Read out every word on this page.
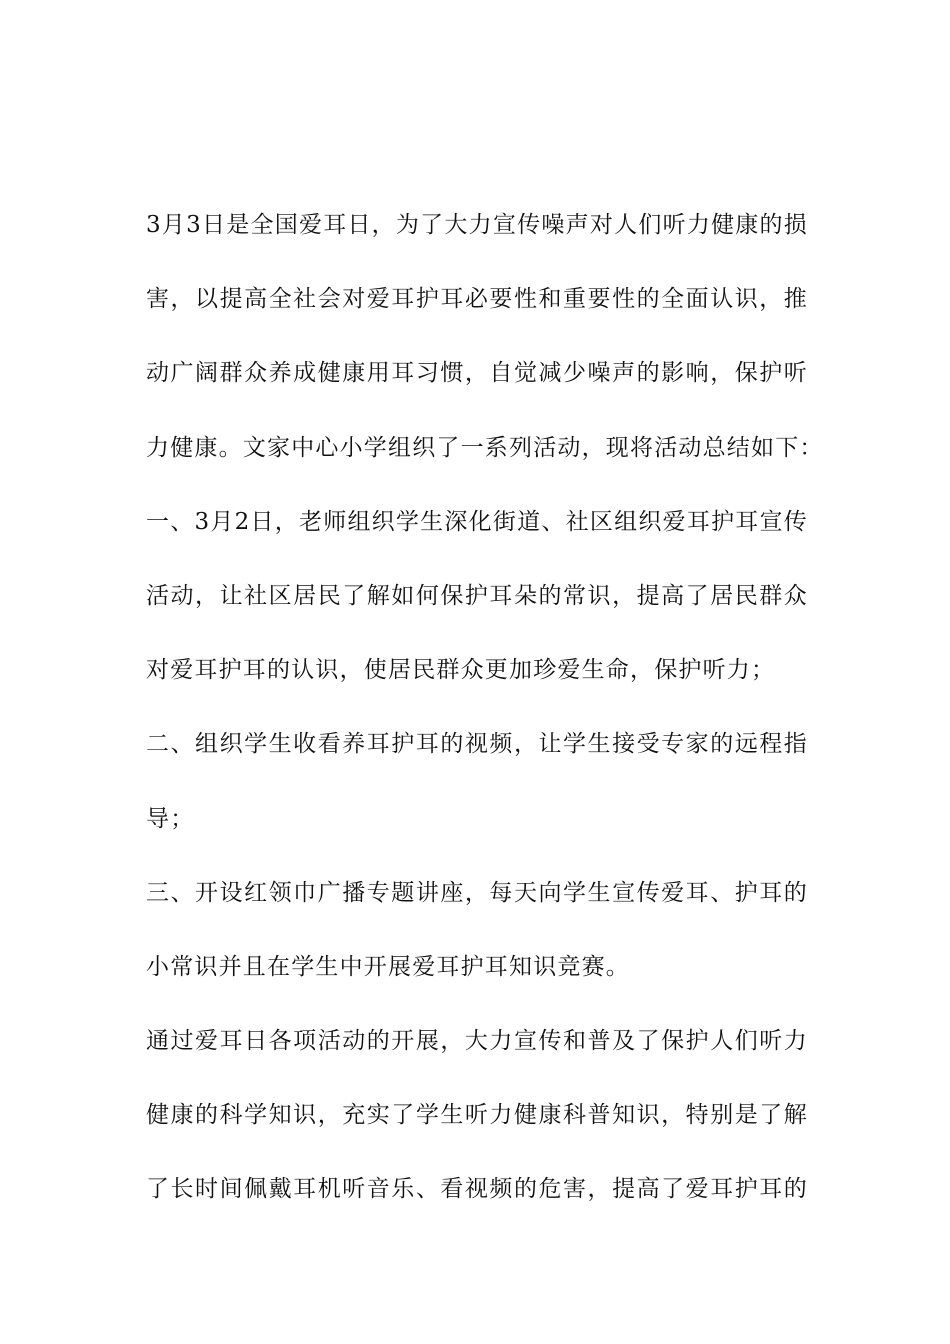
3月3日是全国爱耳日，为了大力宣传噪声对人们听力健康的损
害，以提高全社会对爱耳护耳必要性和重要性的全面认识，推
动广阔群众养成健康用耳习惯，自觉减少噪声的影响，保护听
力健康。文家中心小学组织了一系列活动，现将活动总结如下：
一、3月2日，老师组织学生深化街道、社区组织爱耳护耳宣传
活动，让社区居民了解如何保护耳朵的常识，提高了居民群众
对爱耳护耳的认识，使居民群众更加珍爱生命，保护听力；
二、组织学生收看养耳护耳的视频，让学生接受专家的远程指
导；
三、开设红领巾广播专题讲座，每天向学生宣传爱耳、护耳的
小常识并且在学生中开展爱耳护耳知识竞赛。
通过爱耳日各项活动的开展，大力宣传和普及了保护人们听力
健康的科学知识，充实了学生听力健康科普知识，特别是了解
了长时间佩戴耳机听音乐、看视频的危害，提高了爱耳护耳的
